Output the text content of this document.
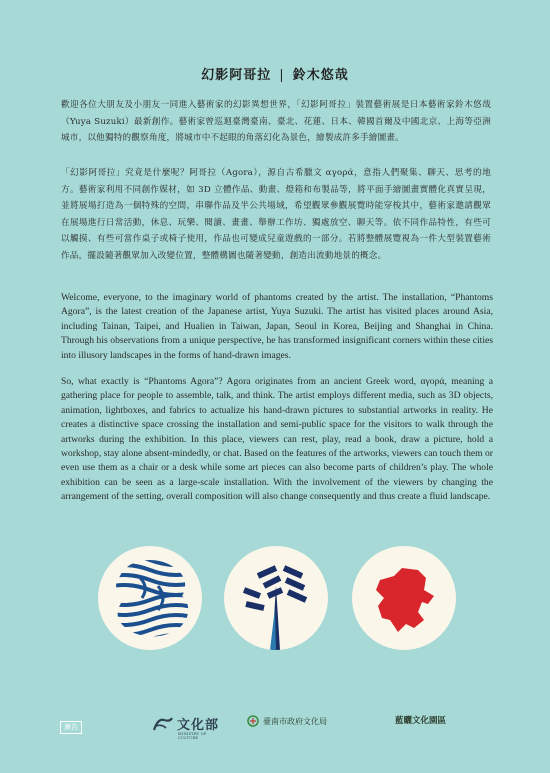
幻影阿哥拉 | 鈴木悠哉

歡迎各位大朋友及小朋友一同進入藝術家的幻影異想世界，「幻影阿哥拉」裝置藝術展是日本藝術家鈴木悠哉（Yuya Suzuki）最新創作。藝術家曾巡迴臺灣臺南、臺北、花蓮、日本、韓國首爾及中國北京、上海等亞洲城市，以他獨特的觀察角度，將城市中不起眼的角落幻化為景色，繪製成許多手繪圖畫。

「幻影阿哥拉」究竟是什麼呢？阿哥拉（Agora），源自古希臘文 αγορά，意指人們聚集、聊天、思考的地方。藝術家利用不同創作媒材，如 3D 立體作品、動畫、燈箱和布製品等，將平面手繪圖畫實體化真實呈現，並將展場打造為一個特殊的空間，串聯作品及半公共場域，希望觀眾參觀展覽時能穿梭其中，藝術家邀請觀眾在展場進行日常活動，休息、玩樂、閱讀、畫畫、舉辦工作坊、獨處放空、聊天等。依不同作品特性，有些可以觸摸、有些可當作桌子或椅子使用，作品也可變成兒童遊戲的一部分。若將整體展覽視為一件大型裝置藝術作品，擺設隨著觀眾加入改變位置，整體構圖也隨著變動，創造出流動地景的概念。

Welcome, everyone, to the imaginary world of phantoms created by the artist. The installation, “Phantoms Agora”, is the latest creation of the Japanese artist, Yuya Suzuki. The artist has visited places around Asia, including Tainan, Taipei, and Hualien in Taiwan, Japan, Seoul in Korea, Beijing and Shanghai in China. Through his observations from a unique perspective, he has transformed insignificant corners within these cities into illusory landscapes in the forms of hand-drawn images.

So, what exactly is “Phantoms Agora”? Agora originates from an ancient Greek word, αγορά, meaning a gathering place for people to assemble, talk, and think. The artist employs different media, such as 3D objects, animation, lightboxes, and fabrics to actualize his hand-drawn pictures to substantial artworks in reality. He creates a distinctive space crossing the installation and semi-public space for the visitors to walk through the artworks during the exhibition. In this place, viewers can rest, play, read a book, draw a picture, hold a workshop, stay alone absent-mindedly, or chat. Based on the features of the artworks, viewers can touch them or even use them as a chair or a desk while some art pieces can also become parts of children’s play. The whole exhibition can be seen as a large-scale installation. With the involvement of the viewers by changing the arrangement of the setting, overall composition will also change consequently and thus create a fluid landscape.

廣告	文化部
MINISTRY OF CULTURE
臺南市政府文化局	藍曬文化園區
